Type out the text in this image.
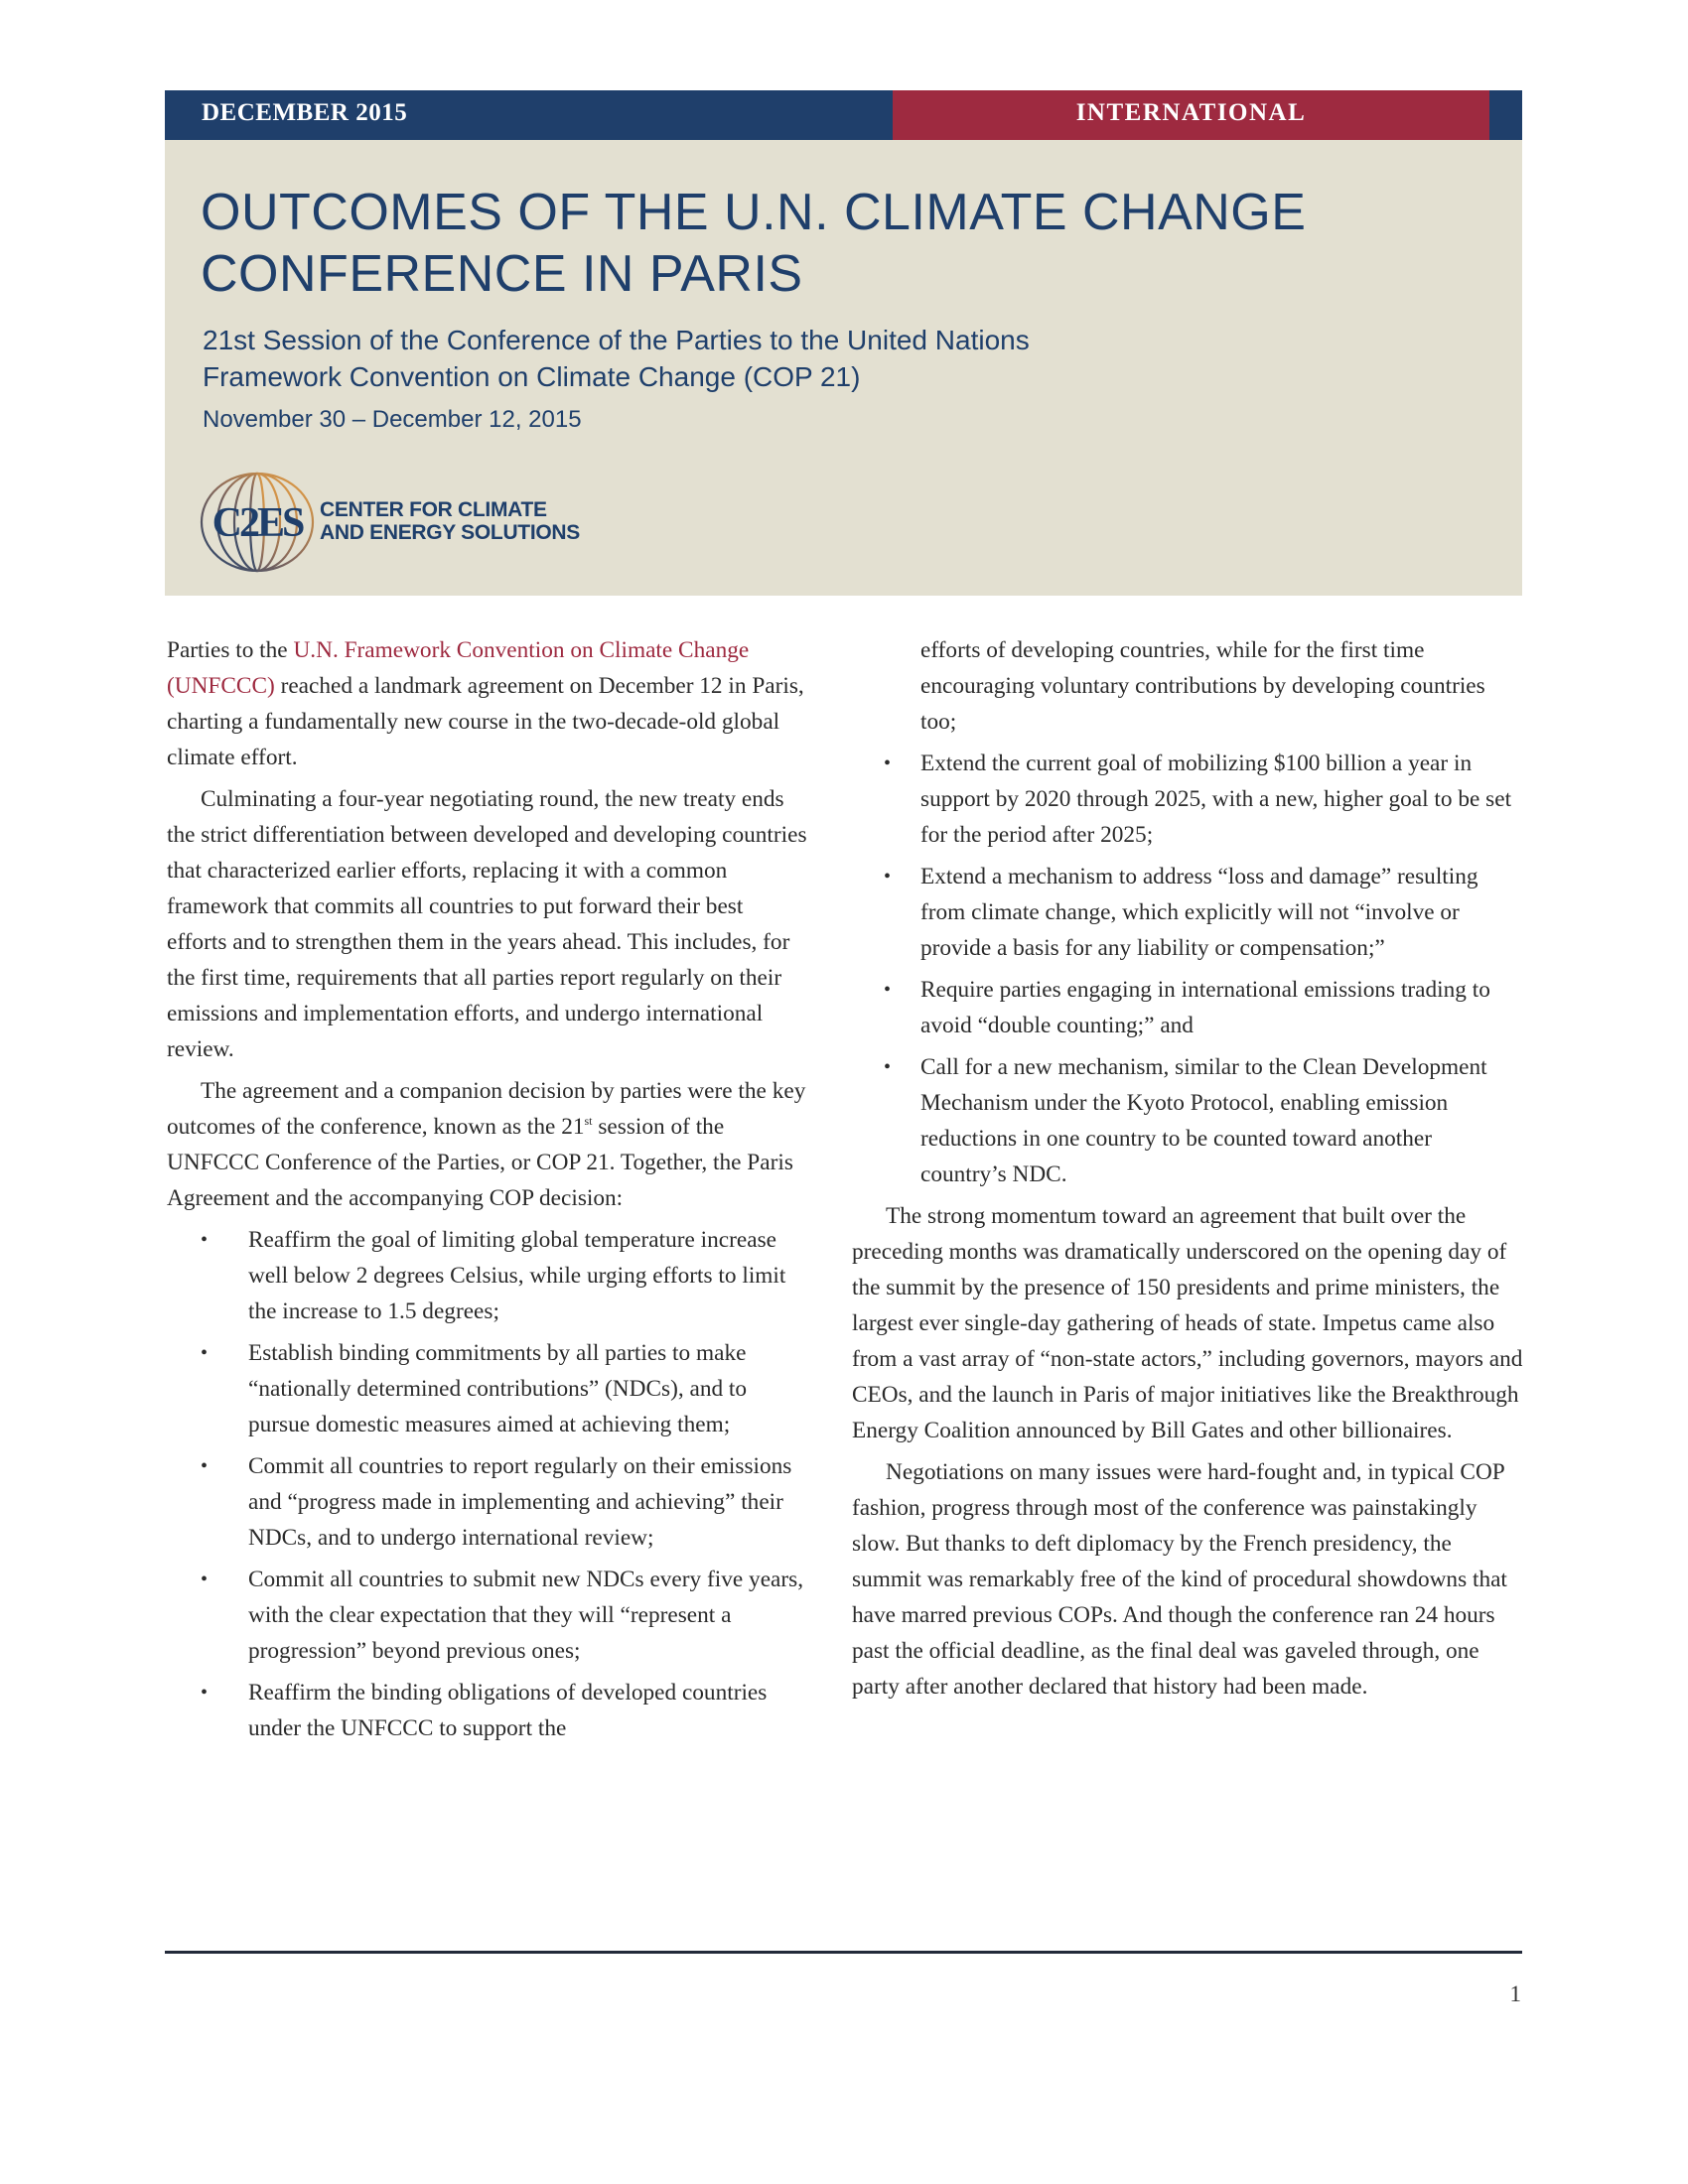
DECEMBER 2015	INTERNATIONAL
OUTCOMES OF THE U.N. CLIMATE CHANGE
CONFERENCE IN PARIS

21st Session of the Conference of the Parties to the United Nations
Framework Convention on Climate Change (COP 21)

November 30 – December 12, 2015

C2ES CENTER FOR CLIMATE
AND ENERGY SOLUTIONS

Parties to the U.N. Framework Convention on Climate Change (UNFCCC) reached a landmark agreement on December 12 in Paris, charting a fundamentally new course in the two-decade-old global climate effort.

Culminating a four-year negotiating round, the new treaty ends the strict differentiation between developed and developing countries that characterized earlier efforts, replacing it with a common framework that commits all countries to put forward their best efforts and to strengthen them in the years ahead. This includes, for the first time, requirements that all parties report regularly on their emissions and implementation efforts, and undergo international review.

The agreement and a companion decision by parties were the key outcomes of the conference, known as the 21st session of the UNFCCC Conference of the Parties, or COP 21. Together, the Paris Agreement and the accompanying COP decision:

• Reaffirm the goal of limiting global temperature increase well below 2 degrees Celsius, while urging efforts to limit the increase to 1.5 degrees;
• Establish binding commitments by all parties to make “nationally determined contributions” (NDCs), and to pursue domestic measures aimed at achieving them;
• Commit all countries to report regularly on their emissions and “progress made in implementing and achieving” their NDCs, and to undergo international review;
• Commit all countries to submit new NDCs every five years, with the clear expectation that they will “represent a progression” beyond previous ones;
• Reaffirm the binding obligations of developed countries under the UNFCCC to support the
efforts of developing countries, while for the first time encouraging voluntary contributions by developing countries too;
• Extend the current goal of mobilizing $100 billion a year in support by 2020 through 2025, with a new, higher goal to be set for the period after 2025;
• Extend a mechanism to address “loss and damage” resulting from climate change, which explicitly will not “involve or provide a basis for any liability or compensation;”
• Require parties engaging in international emissions trading to avoid “double counting;” and
• Call for a new mechanism, similar to the Clean Development Mechanism under the Kyoto Protocol, enabling emission reductions in one country to be counted toward another country’s NDC.

The strong momentum toward an agreement that built over the preceding months was dramatically underscored on the opening day of the summit by the presence of 150 presidents and prime ministers, the largest ever single-day gathering of heads of state. Impetus came also from a vast array of “non-state actors,” including governors, mayors and CEOs, and the launch in Paris of major initiatives like the Breakthrough Energy Coalition announced by Bill Gates and other billionaires.

Negotiations on many issues were hard-fought and, in typical COP fashion, progress through most of the conference was painstakingly slow. But thanks to deft diplomacy by the French presidency, the summit was remarkably free of the kind of procedural showdowns that have marred previous COPs. And though the conference ran 24 hours past the official deadline, as the final deal was gaveled through, one party after another declared that history had been made.

1
